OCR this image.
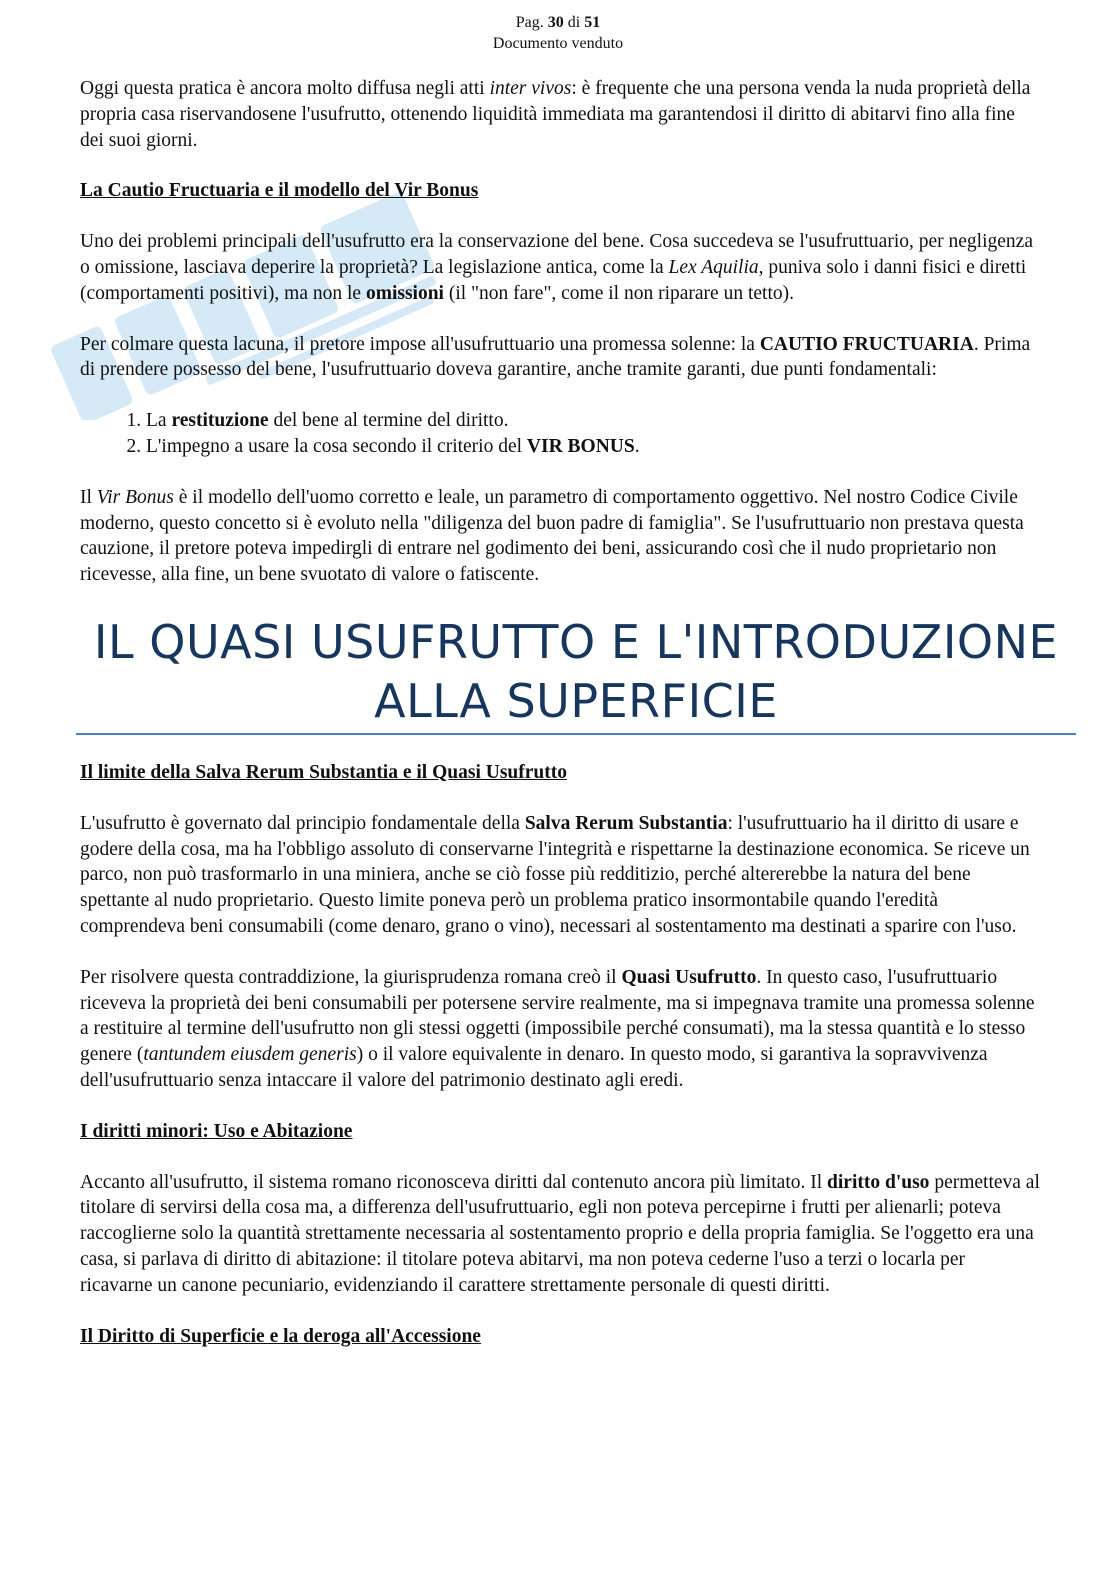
Pag. 30 di 51
Documento venduto

Oggi questa pratica è ancora molto diffusa negli atti inter vivos: è frequente che una persona venda la nuda proprietà della propria casa riservandosene l'usufrutto, ottenendo liquidità immediata ma garantendosi il diritto di abitarvi fino alla fine dei suoi giorni.

La Cautio Fructuaria e il modello del Vir Bonus

Uno dei problemi principali dell'usufrutto era la conservazione del bene. Cosa succedeva se l'usufruttuario, per negligenza o omissione, lasciava deperire la proprietà? La legislazione antica, come la Lex Aquilia, puniva solo i danni fisici e diretti (comportamenti positivi), ma non le omissioni (il "non fare", come il non riparare un tetto).

Per colmare questa lacuna, il pretore impose all'usufruttuario una promessa solenne: la CAUTIO FRUCTUARIA. Prima di prendere possesso del bene, l'usufruttuario doveva garantire, anche tramite garanti, due punti fondamentali:

1. La restituzione del bene al termine del diritto.
2. L'impegno a usare la cosa secondo il criterio del VIR BONUS.

Il Vir Bonus è il modello dell'uomo corretto e leale, un parametro di comportamento oggettivo. Nel nostro Codice Civile moderno, questo concetto si è evoluto nella "diligenza del buon padre di famiglia". Se l'usufruttuario non prestava questa cauzione, il pretore poteva impedirgli di entrare nel godimento dei beni, assicurando così che il nudo proprietario non ricevesse, alla fine, un bene svuotato di valore o fatiscente.

IL QUASI USUFRUTTO E L'INTRODUZIONE
ALLA SUPERFICIE
Il limite della Salva Rerum Substantia e il Quasi Usufrutto

L'usufrutto è governato dal principio fondamentale della Salva Rerum Substantia: l'usufruttuario ha il diritto di usare e godere della cosa, ma ha l'obbligo assoluto di conservarne l'integrità e rispettarne la destinazione economica. Se riceve un parco, non può trasformarlo in una miniera, anche se ciò fosse più redditizio, perché altererebbe la natura del bene spettante al nudo proprietario. Questo limite poneva però un problema pratico insormontabile quando l'eredità comprendeva beni consumabili (come denaro, grano o vino), necessari al sostentamento ma destinati a sparire con l'uso.

Per risolvere questa contraddizione, la giurisprudenza romana creò il Quasi Usufrutto. In questo caso, l'usufruttuario riceveva la proprietà dei beni consumabili per potersene servire realmente, ma si impegnava tramite una promessa solenne a restituire al termine dell'usufrutto non gli stessi oggetti (impossibile perché consumati), ma la stessa quantità e lo stesso genere (tantundem eiusdem generis) o il valore equivalente in denaro. In questo modo, si garantiva la sopravvivenza dell'usufruttuario senza intaccare il valore del patrimonio destinato agli eredi.

I diritti minori: Uso e Abitazione

Accanto all'usufrutto, il sistema romano riconosceva diritti dal contenuto ancora più limitato. Il diritto d'uso permetteva al titolare di servirsi della cosa ma, a differenza dell'usufruttuario, egli non poteva percepirne i frutti per alienarli; poteva raccoglierne solo la quantità strettamente necessaria al sostentamento proprio e della propria famiglia. Se l'oggetto era una casa, si parlava di diritto di abitazione: il titolare poteva abitarvi, ma non poteva cederne l'uso a terzi o locarla per ricavarne un canone pecuniario, evidenziando il carattere strettamente personale di questi diritti.

Il Diritto di Superficie e la deroga all'Accessione
